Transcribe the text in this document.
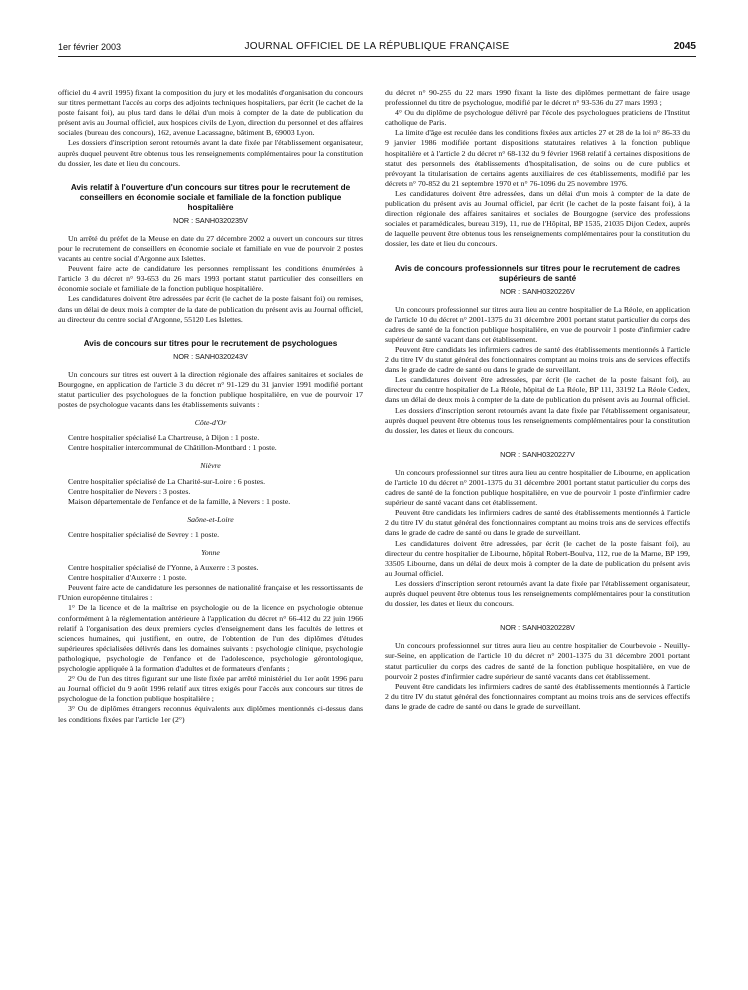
1er février 2003	JOURNAL OFFICIEL DE LA RÉPUBLIQUE FRANÇAISE	2045

officiel du 4 avril 1995) fixant la composition du jury et les modalités d'organisation du concours sur titres permettant l'accès au corps des adjoints techniques hospitaliers, par écrit (le cachet de la poste faisant foi), au plus tard dans le délai d'un mois à compter de la date de publication du présent avis au Journal officiel, aux hospices civils de Lyon, direction du personnel et des affaires sociales (bureau des concours), 162, avenue Lacassagne, bâtiment B, 69003 Lyon.

Les dossiers d'inscription seront retournés avant la date fixée par l'établissement organisateur, auprès duquel peuvent être obtenus tous les renseignements complémentaires pour la constitution du dossier, les date et lieu du concours.

Avis relatif à l'ouverture d'un concours sur titres pour le recrutement de conseillers en économie sociale et familiale de la fonction publique hospitalière
NOR : SANH0320235V

Un arrêté du préfet de la Meuse en date du 27 décembre 2002 a ouvert un concours sur titres pour le recrutement de conseillers en économie sociale et familiale en vue de pourvoir 2 postes vacants au centre social d'Argonne aux Islettes.

Peuvent faire acte de candidature les personnes remplissant les conditions énumérées à l'article 3 du décret n° 93-653 du 26 mars 1993 portant statut particulier des conseillers en économie sociale et familiale de la fonction publique hospitalière.

Les candidatures doivent être adressées par écrit (le cachet de la poste faisant foi) ou remises, dans un délai de deux mois à compter de la date de publication du présent avis au Journal officiel, au directeur du centre social d'Argonne, 55120 Les Islettes.

Avis de concours sur titres pour le recrutement de psychologues
NOR : SANH0320243V

Un concours sur titres est ouvert à la direction régionale des affaires sanitaires et sociales de Bourgogne, en application de l'article 3 du décret n° 91-129 du 31 janvier 1991 modifié portant statut particulier des psychologues de la fonction publique hospitalière, en vue de pourvoir 17 postes de psychologue vacants dans les établissements suivants :

Côte-d'Or

Centre hospitalier spécialisé La Chartreuse, à Dijon : 1 poste.

Centre hospitalier intercommunal de Châtillon-Montbard : 1 poste.

Nièvre

Centre hospitalier spécialisé de La Charité-sur-Loire : 6 postes.

Centre hospitalier de Nevers : 3 postes.

Maison départementale de l'enfance et de la famille, à Nevers : 1 poste.

Saône-et-Loire

Centre hospitalier spécialisé de Sevrey : 1 poste.

Yonne

Centre hospitalier spécialisé de l'Yonne, à Auxerre : 3 postes.

Centre hospitalier d'Auxerre : 1 poste.

Peuvent faire acte de candidature les personnes de nationalité française et les ressortissants de l'Union européenne titulaires :

1° De la licence et de la maîtrise en psychologie ou de la licence en psychologie obtenue conformément à la réglementation antérieure à l'application du décret n° 66-412 du 22 juin 1966 relatif à l'organisation des deux premiers cycles d'enseignement dans les facultés de lettres et sciences humaines, qui justifient, en outre, de l'obtention de l'un des diplômes d'études supérieures spécialisées délivrés dans les domaines suivants : psychologie clinique, psychologie pathologique, psychologie de l'enfance et de l'adolescence, psychologie gérontologique, psychologie appliquée à la formation d'adultes et de formateurs d'enfants ;

2° Ou de l'un des titres figurant sur une liste fixée par arrêté ministériel du 1er août 1996 paru au Journal officiel du 9 août 1996 relatif aux titres exigés pour l'accès aux concours sur titres de psychologue de la fonction publique hospitalière ;

3° Ou de diplômes étrangers reconnus équivalents aux diplômes mentionnés ci-dessus dans les conditions fixées par l'article 1er (2°)

du décret n° 90-255 du 22 mars 1990 fixant la liste des diplômes permettant de faire usage professionnel du titre de psychologue, modifié par le décret n° 93-536 du 27 mars 1993 ;

4° Ou du diplôme de psychologue délivré par l'école des psychologues praticiens de l'Institut catholique de Paris.

La limite d'âge est reculée dans les conditions fixées aux articles 27 et 28 de la loi n° 86-33 du 9 janvier 1986 modifiée portant dispositions statutaires relatives à la fonction publique hospitalière et à l'article 2 du décret n° 68-132 du 9 février 1968 relatif à certaines dispositions de statut des personnels des établissements d'hospitalisation, de soins ou de cure publics et prévoyant la titularisation de certains agents auxiliaires de ces établissements, modifié par les décrets n° 70-852 du 21 septembre 1970 et n° 76-1096 du 25 novembre 1976.

Les candidatures doivent être adressées, dans un délai d'un mois à compter de la date de publication du présent avis au Journal officiel, par écrit (le cachet de la poste faisant foi), à la direction régionale des affaires sanitaires et sociales de Bourgogne (service des professions sociales et paramédicales, bureau 319), 11, rue de l'Hôpital, BP 1535, 21035 Dijon Cedex, auprès de laquelle peuvent être obtenus tous les renseignements complémentaires pour la constitution du dossier, les date et lieu du concours.

Avis de concours professionnels sur titres pour le recrutement de cadres supérieurs de santé
NOR : SANH0320226V

Un concours professionnel sur titres aura lieu au centre hospitalier de La Réole, en application de l'article 10 du décret n° 2001-1375 du 31 décembre 2001 portant statut particulier du corps des cadres de santé de la fonction publique hospitalière, en vue de pourvoir 1 poste d'infirmier cadre supérieur de santé vacant dans cet établissement.

Peuvent être candidats les infirmiers cadres de santé des établissements mentionnés à l'article 2 du titre IV du statut général des fonctionnaires comptant au moins trois ans de services effectifs dans le grade de cadre de santé ou dans le grade de surveillant.

Les candidatures doivent être adressées, par écrit (le cachet de la poste faisant foi), au directeur du centre hospitalier de La Réole, hôpital de La Réole, BP 111, 33192 La Réole Cedex, dans un délai de deux mois à compter de la date de publication du présent avis au Journal officiel.

Les dossiers d'inscription seront retournés avant la date fixée par l'établissement organisateur, auprès duquel peuvent être obtenus tous les renseignements complémentaires pour la constitution du dossier, les dates et lieux du concours.

NOR : SANH0320227V

Un concours professionnel sur titres aura lieu au centre hospitalier de Libourne, en application de l'article 10 du décret n° 2001-1375 du 31 décembre 2001 portant statut particulier du corps des cadres de santé de la fonction publique hospitalière, en vue de pourvoir 1 poste d'infirmier cadre supérieur de santé vacant dans cet établissement.

Peuvent être candidats les infirmiers cadres de santé des établissements mentionnés à l'article 2 du titre IV du statut général des fonctionnaires comptant au moins trois ans de services effectifs dans le grade de cadre de santé ou dans le grade de surveillant.

Les candidatures doivent être adressées, par écrit (le cachet de la poste faisant foi), au directeur du centre hospitalier de Libourne, hôpital Robert-Boulva, 112, rue de la Marne, BP 199, 33505 Libourne, dans un délai de deux mois à compter de la date de publication du présent avis au Journal officiel.

Les dossiers d'inscription seront retournés avant la date fixée par l'établissement organisateur, auprès duquel peuvent être obtenus tous les renseignements complémentaires pour la constitution du dossier, les dates et lieux du concours.

NOR : SANH0320228V

Un concours professionnel sur titres aura lieu au centre hospitalier de Courbevoie - Neuilly-sur-Seine, en application de l'article 10 du décret n° 2001-1375 du 31 décembre 2001 portant statut particulier du corps des cadres de santé de la fonction publique hospitalière, en vue de pourvoir 2 postes d'infirmier cadre supérieur de santé vacants dans cet établissement.

Peuvent être candidats les infirmiers cadres de santé des établissements mentionnés à l'article 2 du titre IV du statut général des fonctionnaires comptant au moins trois ans de services effectifs dans le grade de cadre de santé ou dans le grade de surveillant.
